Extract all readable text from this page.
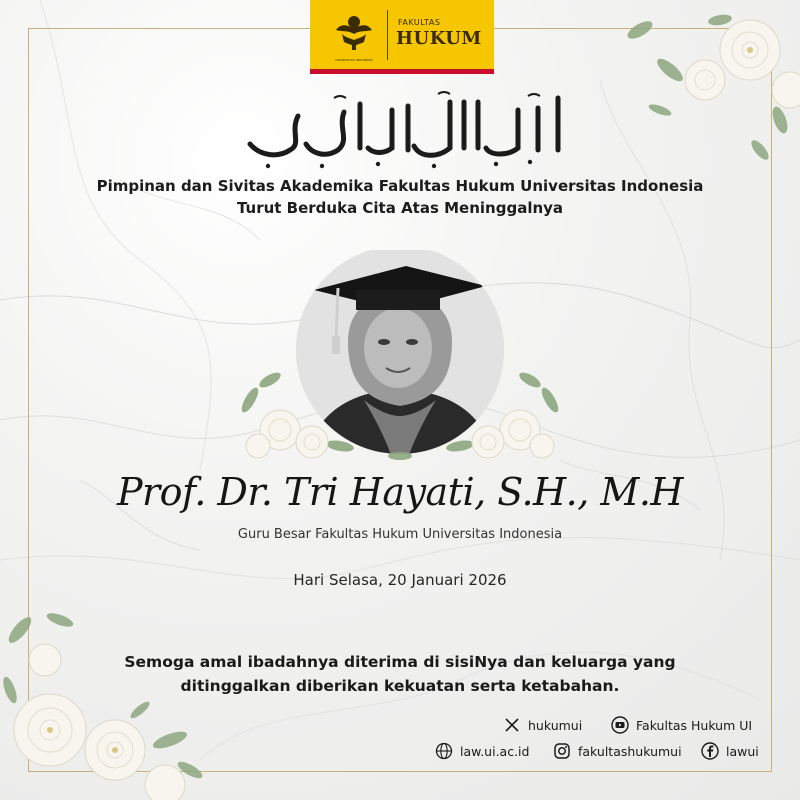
UNIVERSITAS INDONESIA
FAKULTAS
HUKUM
Pimpinan dan Sivitas Akademika Fakultas Hukum Universitas Indonesia
Turut Berduka Cita Atas Meninggalnya
Prof. Dr. Tri Hayati, S.H., M.H
Guru Besar Fakultas Hukum Universitas Indonesia
Hari Selasa, 20 Januari 2026
Semoga amal ibadahnya diterima di sisiNya dan keluarga yang
ditinggalkan diberikan kekuatan serta ketabahan.
hukumui	Fakultas Hukum UI
law.ui.ac.id	fakultashukumui	lawui
